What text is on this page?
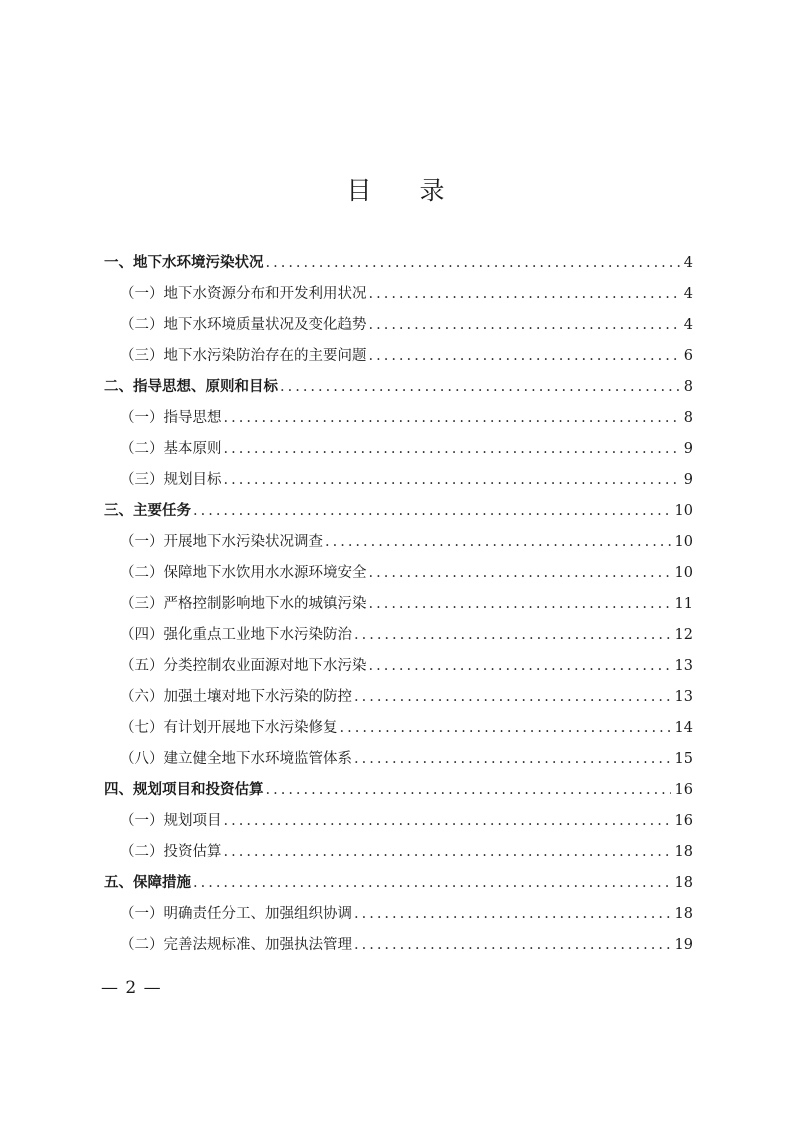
目 录
一、地下水环境污染状况 .....	4
（一）地下水资源分布和开发利用状况 .....	4
（二）地下水环境质量状况及变化趋势 .....	4
（三）地下水污染防治存在的主要问题 .....	6
二、指导思想、原则和目标 .....	8
（一）指导思想 .....	8
（二）基本原则 .....	9
（三）规划目标 .....	9
三、主要任务 .....	10
（一）开展地下水污染状况调查 .....	10
（二）保障地下水饮用水水源环境安全 .....	10
（三）严格控制影响地下水的城镇污染 .....	11
（四）强化重点工业地下水污染防治 .....	12
（五）分类控制农业面源对地下水污染 .....	13
（六）加强土壤对地下水污染的防控 .....	13
（七）有计划开展地下水污染修复 .....	14
（八）建立健全地下水环境监管体系 .....	15
四、规划项目和投资估算 .....	16
（一）规划项目 .....	16
（二）投资估算 .....	18
五、保障措施 .....	18
（一）明确责任分工、加强组织协调 .....	18
（二）完善法规标准、加强执法管理 .....	19
— 2 —
